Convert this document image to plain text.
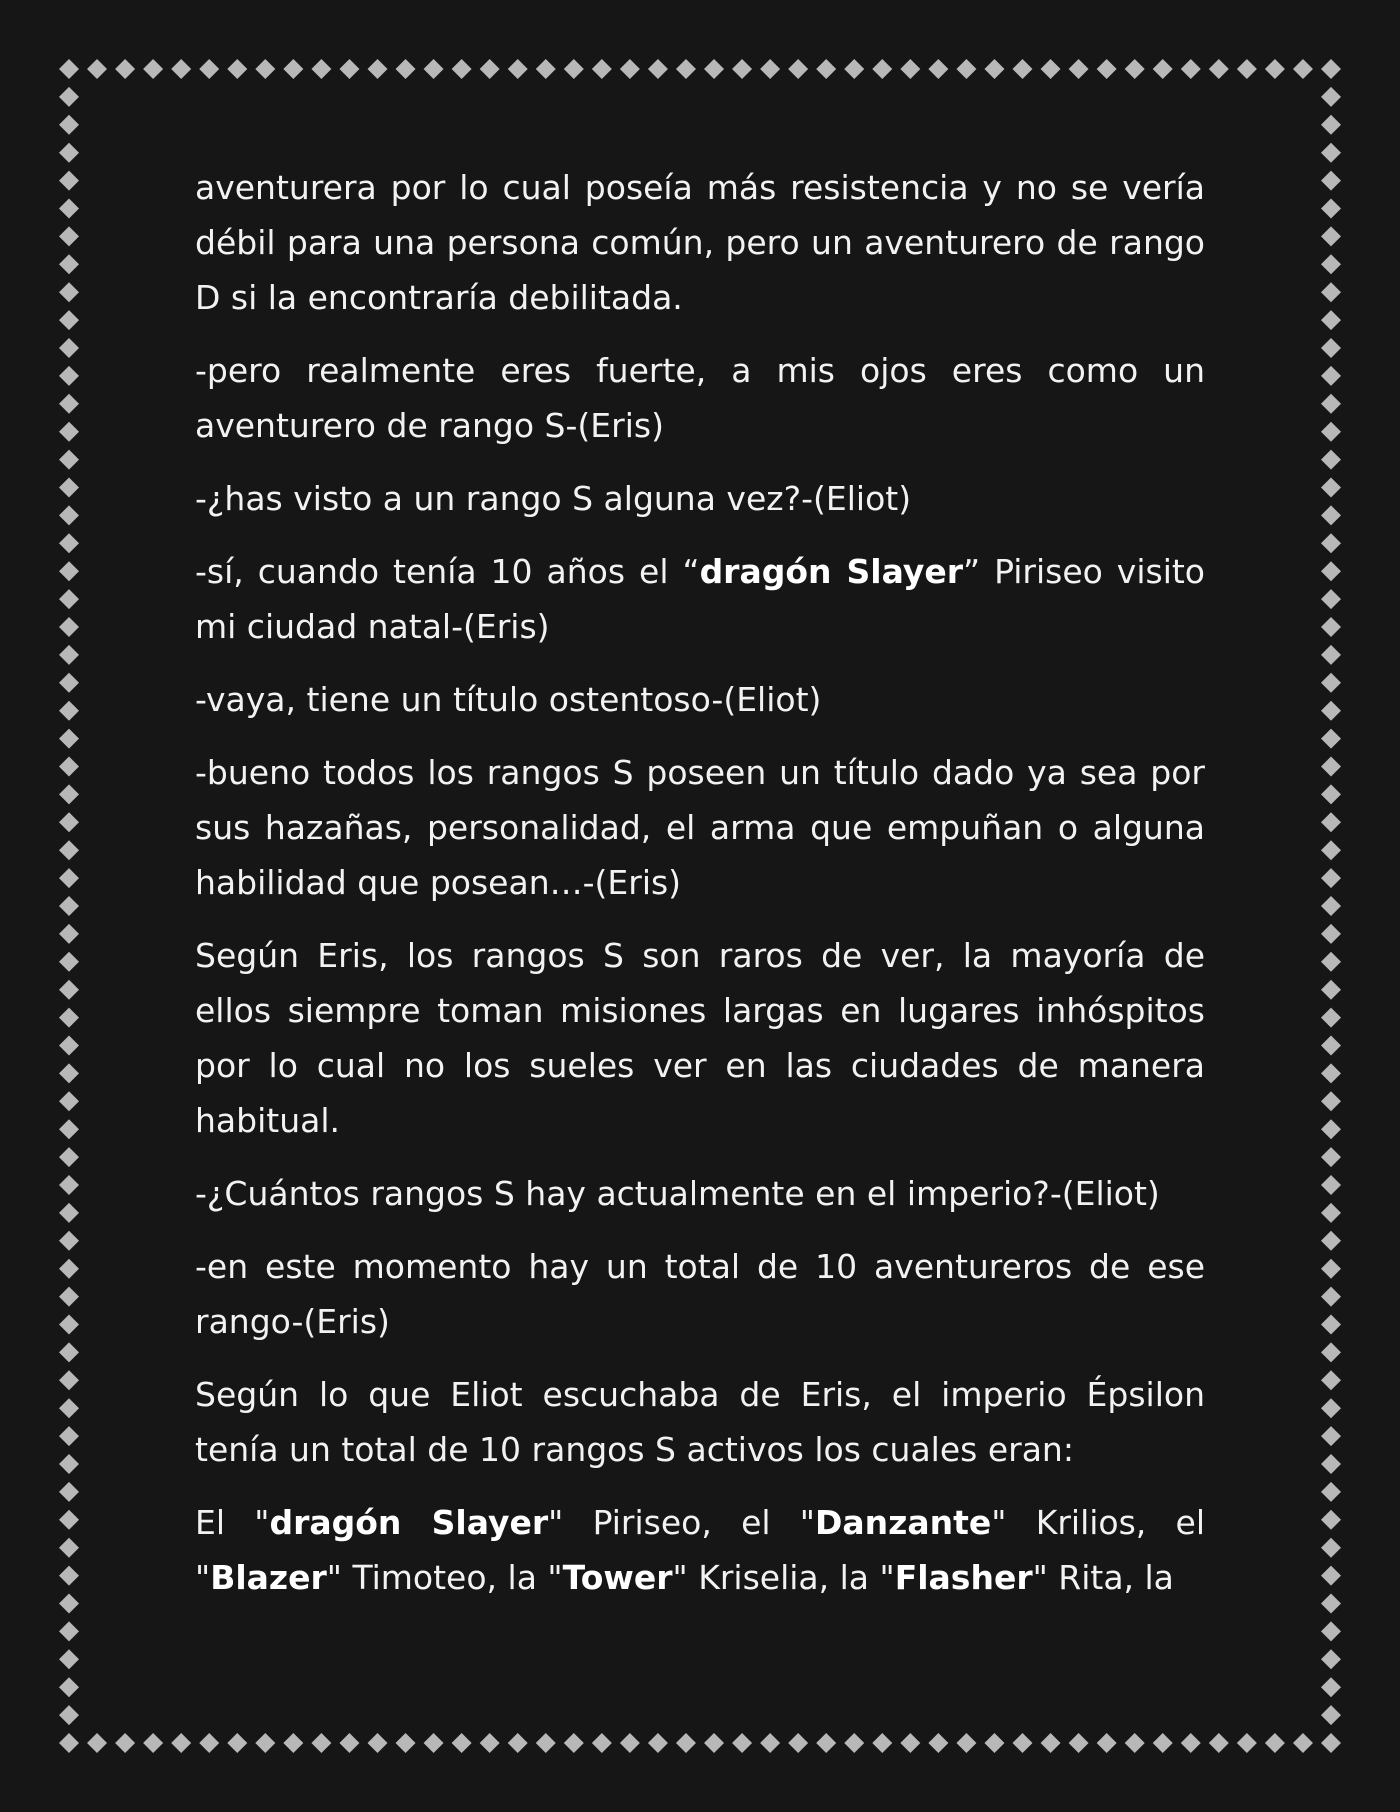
aventurera por lo cual poseía más resistencia y no se vería débil para una persona común, pero un aventurero de rango D si la encontraría debilitada.

-pero realmente eres fuerte, a mis ojos eres como un aventurero de rango S-(Eris)

-¿has visto a un rango S alguna vez?-(Eliot)

-sí, cuando tenía 10 años el “dragón Slayer” Piriseo visito mi ciudad natal-(Eris)

-vaya, tiene un título ostentoso-(Eliot)

-bueno todos los rangos S poseen un título dado ya sea por sus hazañas, personalidad, el arma que empuñan o alguna habilidad que posean…-(Eris)

Según Eris, los rangos S son raros de ver, la mayoría de ellos siempre toman misiones largas en lugares inhóspitos por lo cual no los sueles ver en las ciudades de manera habitual.

-¿Cuántos rangos S hay actualmente en el imperio?-(Eliot)

-en este momento hay un total de 10 aventureros de ese rango-(Eris)

Según lo que Eliot escuchaba de Eris, el imperio Épsilon tenía un total de 10 rangos S activos los cuales eran:

El "dragón Slayer" Piriseo, el "Danzante" Krilios, el "Blazer" Timoteo, la "Tower" Kriselia, la "Flasher" Rita, la
